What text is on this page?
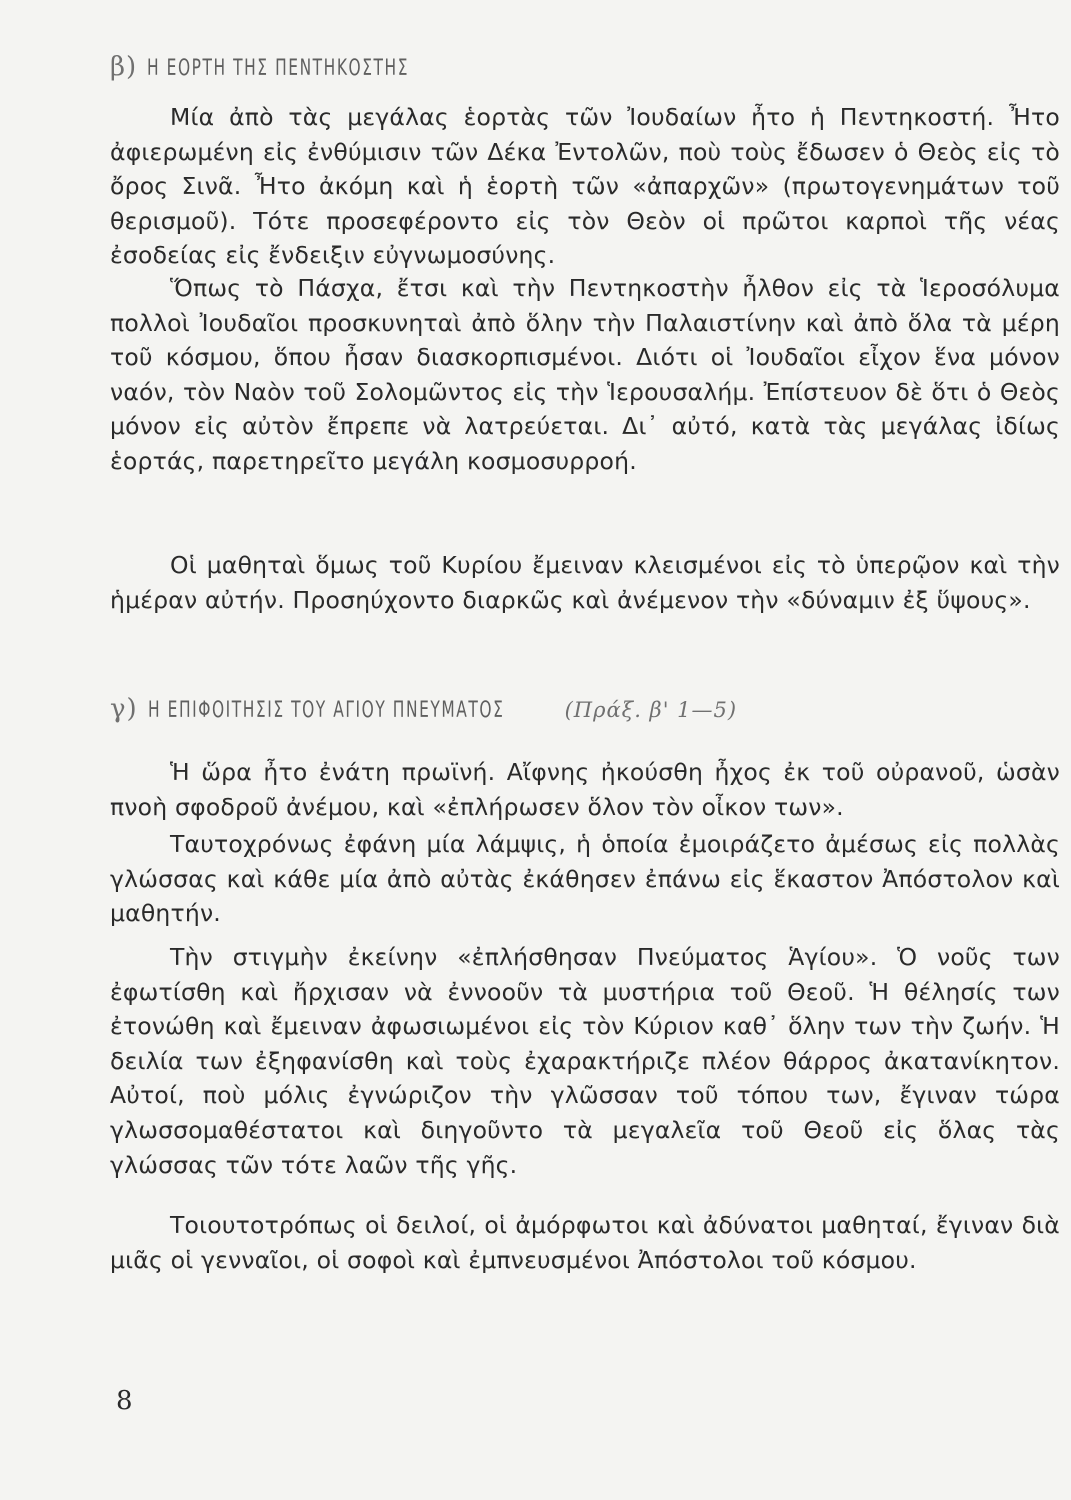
β) Η ΕΟΡΤΗ ΤΗΣ ΠΕΝΤΗΚΟΣΤΗΣ

Μία ἀπὸ τὰς μεγάλας ἑορτὰς τῶν Ἰουδαίων ἦτο ἡ Πεντηκοστή. Ἦτο ἀφιερωμένη εἰς ἐνθύμισιν τῶν Δέκα Ἐντολῶν, ποὺ τοὺς ἔδωσεν ὁ Θεὸς εἰς τὸ ὄρος Σινᾶ. Ἦτο ἀκόμη καὶ ἡ ἑορτὴ τῶν «ἀπαρχῶν» (πρωτογενημάτων τοῦ θερισμοῦ). Τότε προσεφέροντο εἰς τὸν Θεὸν οἱ πρῶτοι καρποὶ τῆς νέας ἐσοδείας εἰς ἔνδειξιν εὐγνωμοσύνης.

Ὅπως τὸ Πάσχα, ἔτσι καὶ τὴν Πεντηκοστὴν ἦλθον εἰς τὰ Ἱεροσόλυμα πολλοὶ Ἰουδαῖοι προσκυνηταὶ ἀπὸ ὅλην τὴν Παλαιστίνην καὶ ἀπὸ ὅλα τὰ μέρη τοῦ κόσμου, ὅπου ἦσαν διασκορπισμένοι. Διότι οἱ Ἰουδαῖοι εἶχον ἕνα μόνον ναόν, τὸν Ναὸν τοῦ Σολομῶντος εἰς τὴν Ἱερουσαλήμ. Ἐπίστευον δὲ ὅτι ὁ Θεὸς μόνον εἰς αὐτὸν ἔπρεπε νὰ λατρεύεται. Δι᾽ αὐτό, κατὰ τὰς μεγάλας ἰδίως ἑορτάς, παρετηρεῖτο μεγάλη κοσμοσυρροή.

Οἱ μαθηταὶ ὅμως τοῦ Κυρίου ἔμειναν κλεισμένοι εἰς τὸ ὑπερῷον καὶ τὴν ἡμέραν αὐτήν. Προσηύχοντο διαρκῶς καὶ ἀνέμενον τὴν «δύναμιν ἐξ ὕψους».

γ) Η ΕΠΙΦΟΙΤΗΣΙΣ ΤΟΥ ΑΓΙΟΥ ΠΝΕΥΜΑΤΟΣ	(Πράξ. β' 1—5)

Ἡ ὥρα ἦτο ἐνάτη πρωϊνή. Αἴφνης ἠκούσθη ἦχος ἐκ τοῦ οὐρανοῦ, ὡσὰν πνοὴ σφοδροῦ ἀνέμου, καὶ «ἐπλήρωσεν ὅλον τὸν οἶκον των».

Ταυτοχρόνως ἐφάνη μία λάμψις, ἡ ὁποία ἐμοιράζετο ἀμέσως εἰς πολλὰς γλώσσας καὶ κάθε μία ἀπὸ αὐτὰς ἐκάθησεν ἐπάνω εἰς ἕκαστον Ἀπόστολον καὶ μαθητήν.

Τὴν στιγμὴν ἐκείνην «ἐπλήσθησαν Πνεύματος Ἁγίου». Ὁ νοῦς των ἐφωτίσθη καὶ ἤρχισαν νὰ ἐννοοῦν τὰ μυστήρια τοῦ Θεοῦ. Ἡ θέλησίς των ἐτονώθη καὶ ἔμειναν ἀφωσιωμένοι εἰς τὸν Κύριον καθ᾽ ὅλην των τὴν ζωήν. Ἡ δειλία των ἐξηφανίσθη καὶ τοὺς ἐχαρακτήριζε πλέον θάρρος ἀκατανίκητον. Αὐτοί, ποὺ μόλις ἐγνώριζον τὴν γλῶσσαν τοῦ τόπου των, ἔγιναν τώρα γλωσσομαθέστατοι καὶ διηγοῦντο τὰ μεγαλεῖα τοῦ Θεοῦ εἰς ὅλας τὰς γλώσσας τῶν τότε λαῶν τῆς γῆς.

Τοιουτοτρόπως οἱ δειλοί, οἱ ἀμόρφωτοι καὶ ἀδύνατοι μαθηταί, ἔγιναν διὰ μιᾶς οἱ γενναῖοι, οἱ σοφοὶ καὶ ἐμπνευσμένοι Ἀπόστολοι τοῦ κόσμου.

8
